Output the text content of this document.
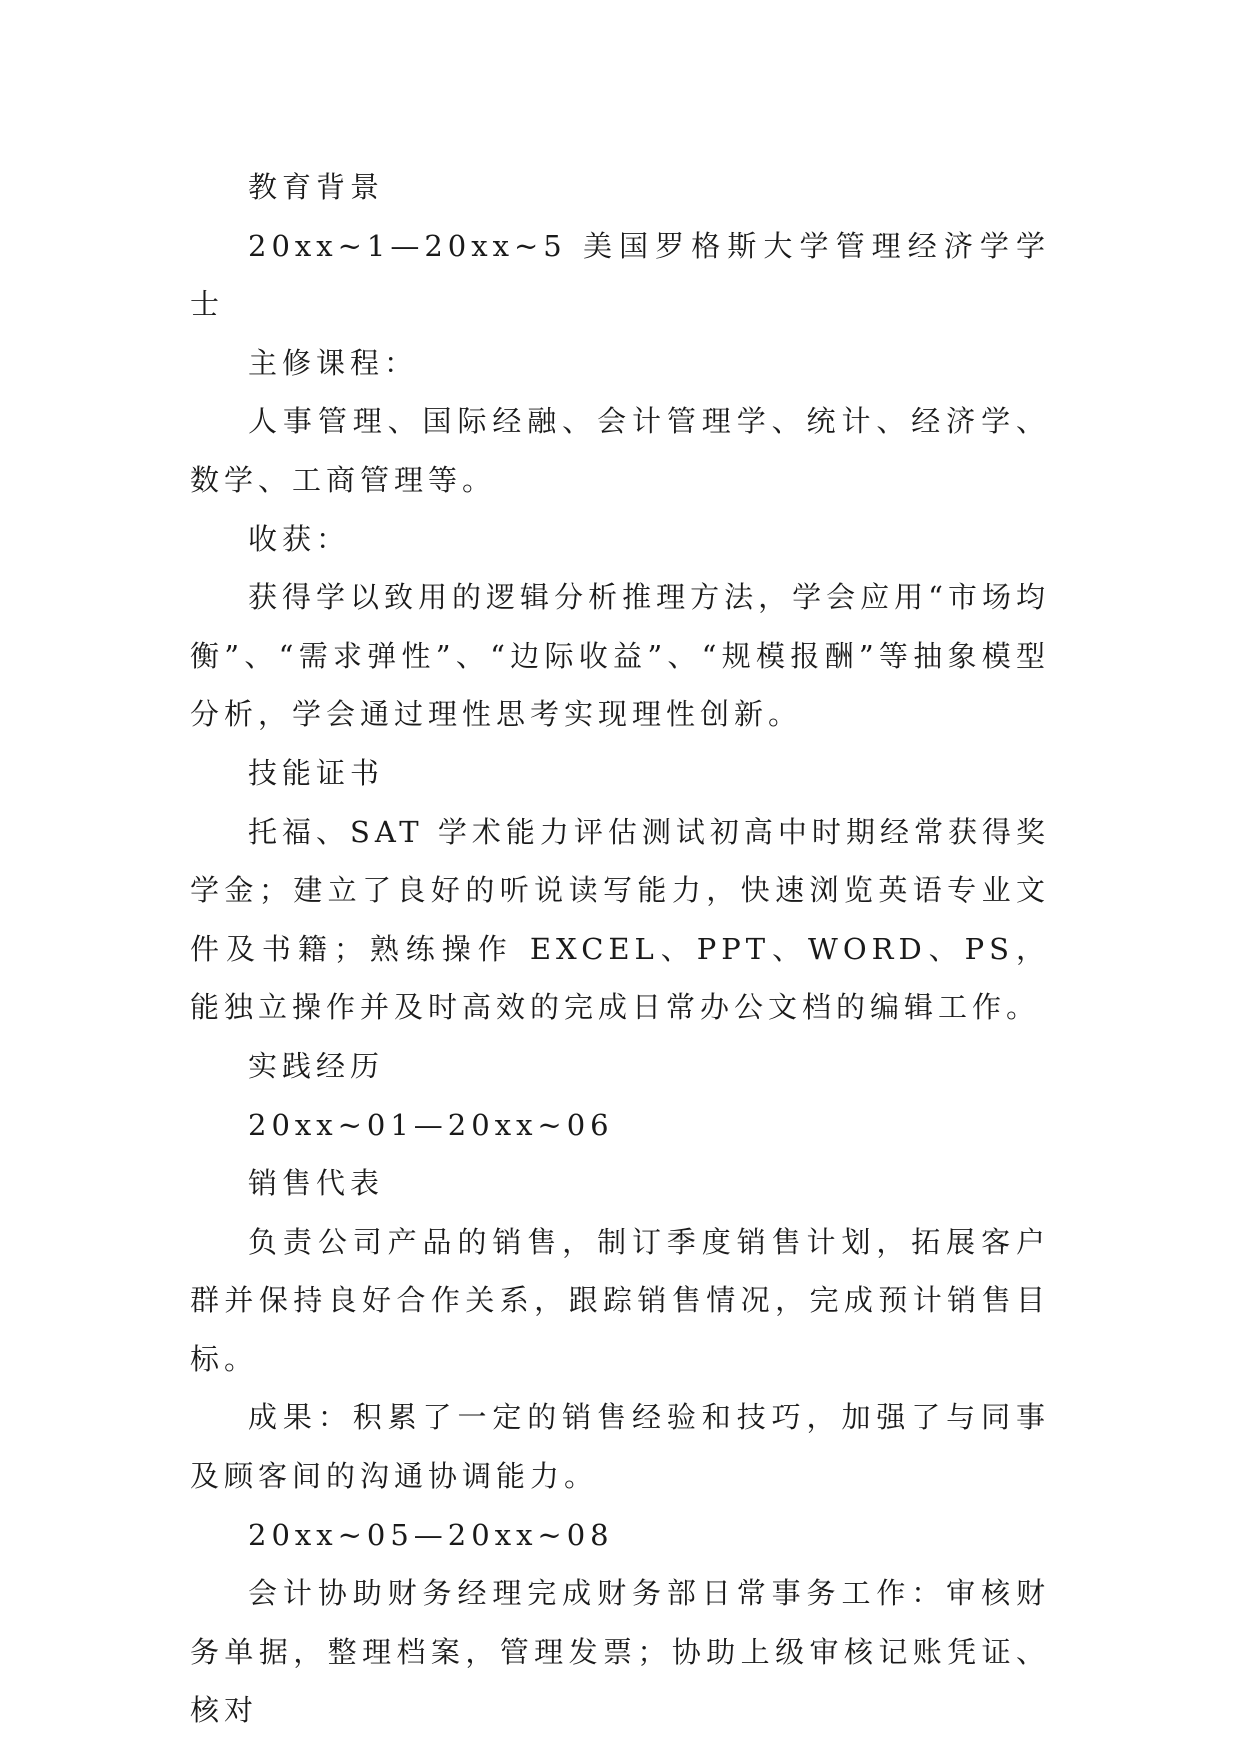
教育背景

20xx~1—20xx~5 美国罗格斯大学管理经济学学士

主修课程：

人事管理、国际经融、会计管理学、统计、经济学、数学、工商管理等。

收获：

获得学以致用的逻辑分析推理方法，学会应用“市场均衡”、“需求弹性”、“边际收益”、“规模报酬”等抽象模型分析，学会通过理性思考实现理性创新。

技能证书

托福、SAT 学术能力评估测试初高中时期经常获得奖学金；建立了良好的听说读写能力，快速浏览英语专业文件及书籍；熟练操作 EXCEL、PPT、WORD、PS，能独立操作并及时高效的完成日常办公文档的编辑工作。

实践经历

20xx~01—20xx~06

销售代表

负责公司产品的销售，制订季度销售计划，拓展客户群并保持良好合作关系，跟踪销售情况，完成预计销售目标。

成果：积累了一定的销售经验和技巧，加强了与同事及顾客间的沟通协调能力。

20xx~05—20xx~08

会计协助财务经理完成财务部日常事务工作：审核财务单据，整理档案，管理发票；协助上级审核记账凭证、核对
